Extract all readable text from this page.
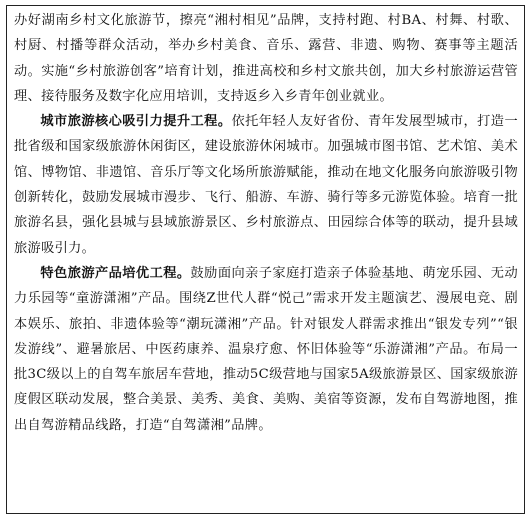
办好湖南乡村文化旅游节，擦亮“湘村相见”品牌，支持村跑、村BA、村舞、村歌、村厨、村播等群众活动，举办乡村美食、音乐、露营、非遗、购物、赛事等主题活动。实施“乡村旅游创客”培育计划，推进高校和乡村文旅共创，加大乡村旅游运营管理、接待服务及数字化应用培训，支持返乡入乡青年创业就业。

城市旅游核心吸引力提升工程。依托年轻人友好省份、青年发展型城市，打造一批省级和国家级旅游休闲街区，建设旅游休闲城市。加强城市图书馆、艺术馆、美术馆、博物馆、非遗馆、音乐厅等文化场所旅游赋能，推动在地文化服务向旅游吸引物创新转化，鼓励发展城市漫步、飞行、船游、车游、骑行等多元游览体验。培育一批旅游名县，强化县城与县域旅游景区、乡村旅游点、田园综合体等的联动，提升县域旅游吸引力。

特色旅游产品培优工程。鼓励面向亲子家庭打造亲子体验基地、萌宠乐园、无动力乐园等“童游潇湘”产品。围绕Z世代人群“悦己”需求开发主题演艺、漫展电竞、剧本娱乐、旅拍、非遗体验等“潮玩潇湘”产品。针对银发人群需求推出“银发专列”“银发游线”、避暑旅居、中医药康养、温泉疗愈、怀旧体验等“乐游潇湘”产品。布局一批3C级以上的自驾车旅居车营地，推动5C级营地与国家5A级旅游景区、国家级旅游度假区联动发展，整合美景、美秀、美食、美购、美宿等资源，发布自驾游地图，推出自驾游精品线路，打造“自驾潇湘”品牌。
